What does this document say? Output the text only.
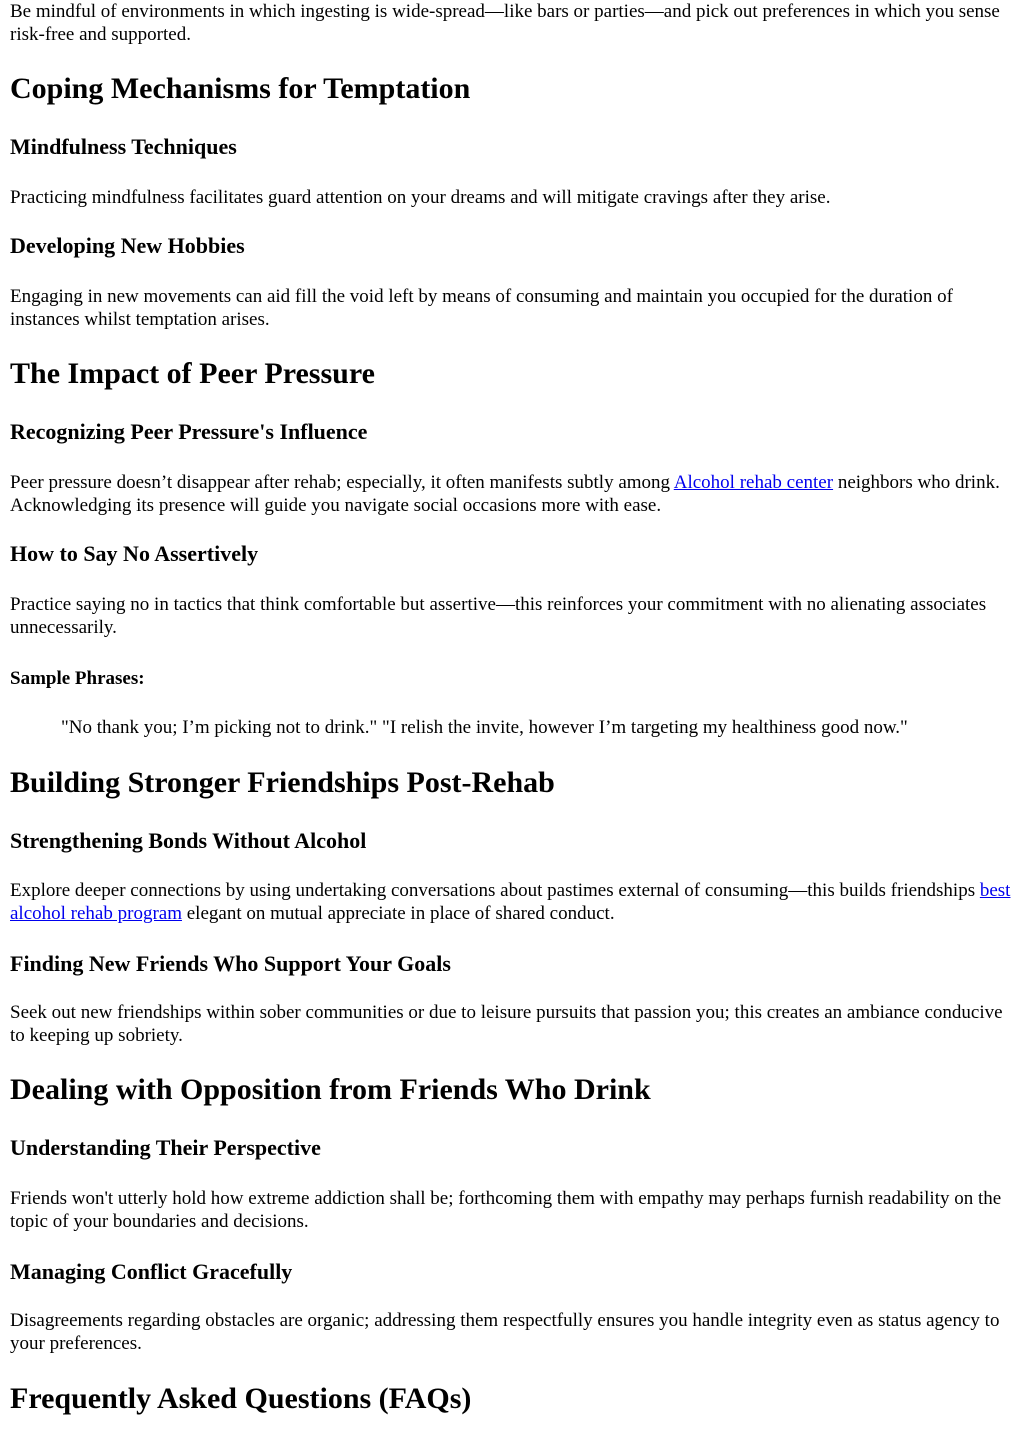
Be mindful of environments in which ingesting is wide-spread—like bars or parties—and pick out preferences in which you sense risk-free and supported.

Coping Mechanisms for Temptation
Mindfulness Techniques

Practicing mindfulness facilitates guard attention on your dreams and will mitigate cravings after they arise.

Developing New Hobbies

Engaging in new movements can aid fill the void left by means of consuming and maintain you occupied for the duration of instances whilst temptation arises.

The Impact of Peer Pressure
Recognizing Peer Pressure's Influence

Peer pressure doesn’t disappear after rehab; especially, it often manifests subtly among Alcohol rehab center neighbors who drink. Acknowledging its presence will guide you navigate social occasions more with ease.

How to Say No Assertively

Practice saying no in tactics that think comfortable but assertive—this reinforces your commitment with no alienating associates unnecessarily.

Sample Phrases:
"No thank you; I’m picking not to drink." "I relish the invite, however I’m targeting my healthiness good now."
Building Stronger Friendships Post-Rehab
Strengthening Bonds Without Alcohol

Explore deeper connections by using undertaking conversations about pastimes external of consuming—this builds friendships best alcohol rehab program elegant on mutual appreciate in place of shared conduct.

Finding New Friends Who Support Your Goals

Seek out new friendships within sober communities or due to leisure pursuits that passion you; this creates an ambiance conducive to keeping up sobriety.

Dealing with Opposition from Friends Who Drink
Understanding Their Perspective

Friends won't utterly hold how extreme addiction shall be; forthcoming them with empathy may perhaps furnish readability on the topic of your boundaries and decisions.

Managing Conflict Gracefully

Disagreements regarding obstacles are organic; addressing them respectfully ensures you handle integrity even as status agency to your preferences.

Frequently Asked Questions (FAQs)
